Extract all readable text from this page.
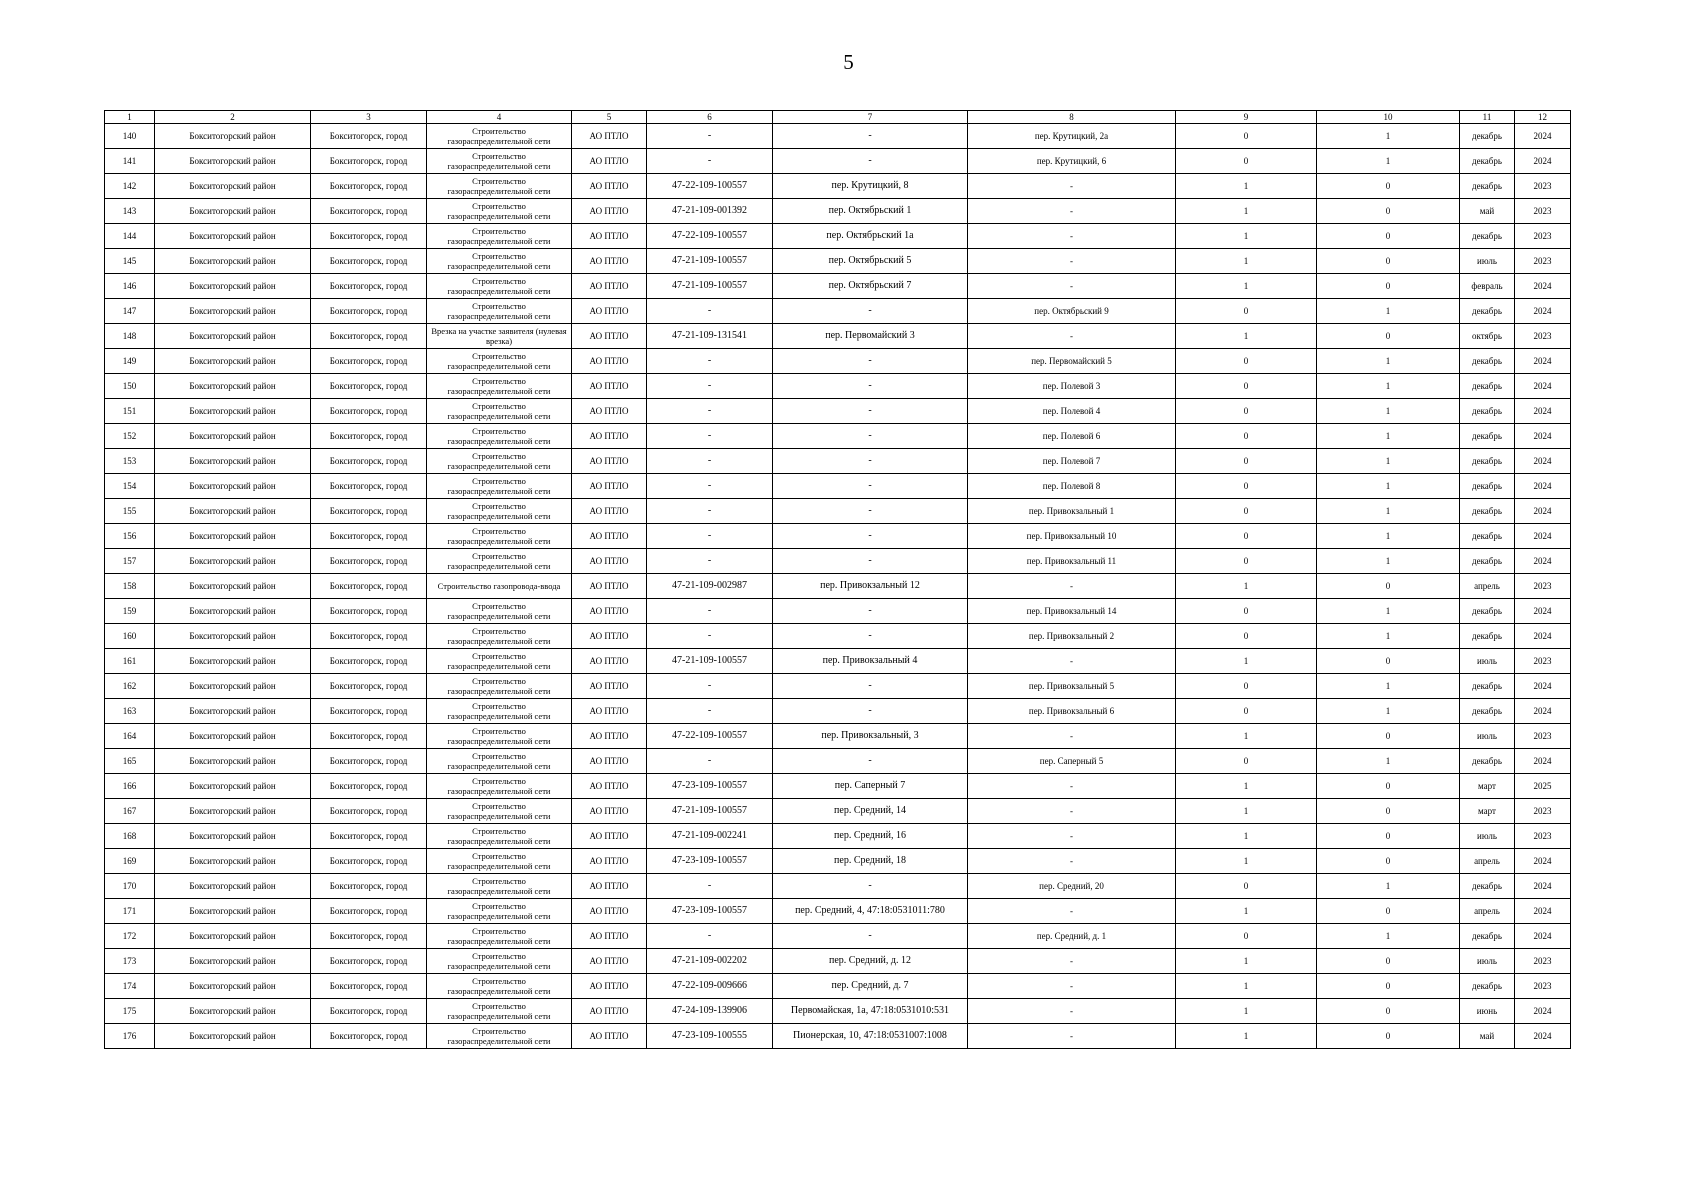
5
1	2	3	4	5	6	7	8	9	10	11	12
140	Бокситогорский район	Бокситогорск, город	Строительство газораспределительной сети	АО ПТЛО	-	-	пер. Крутицкий, 2а	0	1	декабрь	2024
141	Бокситогорский район	Бокситогорск, город	Строительство газораспределительной сети	АО ПТЛО	-	-	пер. Крутицкий, 6	0	1	декабрь	2024
142	Бокситогорский район	Бокситогорск, город	Строительство газораспределительной сети	АО ПТЛО	47-22-109-100557	пер. Крутицкий, 8	-	1	0	декабрь	2023
143	Бокситогорский район	Бокситогорск, город	Строительство газораспределительной сети	АО ПТЛО	47-21-109-001392	пер. Октябрьский 1	-	1	0	май	2023
144	Бокситогорский район	Бокситогорск, город	Строительство газораспределительной сети	АО ПТЛО	47-22-109-100557	пер. Октябрьский 1а	-	1	0	декабрь	2023
145	Бокситогорский район	Бокситогорск, город	Строительство газораспределительной сети	АО ПТЛО	47-21-109-100557	пер. Октябрьский 5	-	1	0	июль	2023
146	Бокситогорский район	Бокситогорск, город	Строительство газораспределительной сети	АО ПТЛО	47-21-109-100557	пер. Октябрьский 7	-	1	0	февраль	2024
147	Бокситогорский район	Бокситогорск, город	Строительство газораспределительной сети	АО ПТЛО	-	-	пер. Октябрьский 9	0	1	декабрь	2024
148	Бокситогорский район	Бокситогорск, город	Врезка на участке заявителя (нулевая врезка)	АО ПТЛО	47-21-109-131541	пер. Первомайский 3	-	1	0	октябрь	2023
149	Бокситогорский район	Бокситогорск, город	Строительство газораспределительной сети	АО ПТЛО	-	-	пер. Первомайский 5	0	1	декабрь	2024
150	Бокситогорский район	Бокситогорск, город	Строительство газораспределительной сети	АО ПТЛО	-	-	пер. Полевой 3	0	1	декабрь	2024
151	Бокситогорский район	Бокситогорск, город	Строительство газораспределительной сети	АО ПТЛО	-	-	пер. Полевой 4	0	1	декабрь	2024
152	Бокситогорский район	Бокситогорск, город	Строительство газораспределительной сети	АО ПТЛО	-	-	пер. Полевой 6	0	1	декабрь	2024
153	Бокситогорский район	Бокситогорск, город	Строительство газораспределительной сети	АО ПТЛО	-	-	пер. Полевой 7	0	1	декабрь	2024
154	Бокситогорский район	Бокситогорск, город	Строительство газораспределительной сети	АО ПТЛО	-	-	пер. Полевой 8	0	1	декабрь	2024
155	Бокситогорский район	Бокситогорск, город	Строительство газораспределительной сети	АО ПТЛО	-	-	пер. Привокзальный 1	0	1	декабрь	2024
156	Бокситогорский район	Бокситогорск, город	Строительство газораспределительной сети	АО ПТЛО	-	-	пер. Привокзальный 10	0	1	декабрь	2024
157	Бокситогорский район	Бокситогорск, город	Строительство газораспределительной сети	АО ПТЛО	-	-	пер. Привокзальный 11	0	1	декабрь	2024
158	Бокситогорский район	Бокситогорск, город	Строительство газопровода-ввода	АО ПТЛО	47-21-109-002987	пер. Привокзальный 12	-	1	0	апрель	2023
159	Бокситогорский район	Бокситогорск, город	Строительство газораспределительной сети	АО ПТЛО	-	-	пер. Привокзальный 14	0	1	декабрь	2024
160	Бокситогорский район	Бокситогорск, город	Строительство газораспределительной сети	АО ПТЛО	-	-	пер. Привокзальный 2	0	1	декабрь	2024
161	Бокситогорский район	Бокситогорск, город	Строительство газораспределительной сети	АО ПТЛО	47-21-109-100557	пер. Привокзальный 4	-	1	0	июль	2023
162	Бокситогорский район	Бокситогорск, город	Строительство газораспределительной сети	АО ПТЛО	-	-	пер. Привокзальный 5	0	1	декабрь	2024
163	Бокситогорский район	Бокситогорск, город	Строительство газораспределительной сети	АО ПТЛО	-	-	пер. Привокзальный 6	0	1	декабрь	2024
164	Бокситогорский район	Бокситогорск, город	Строительство газораспределительной сети	АО ПТЛО	47-22-109-100557	пер. Привокзальный, 3	-	1	0	июль	2023
165	Бокситогорский район	Бокситогорск, город	Строительство газораспределительной сети	АО ПТЛО	-	-	пер. Саперный 5	0	1	декабрь	2024
166	Бокситогорский район	Бокситогорск, город	Строительство газораспределительной сети	АО ПТЛО	47-23-109-100557	пер. Саперный 7	-	1	0	март	2025
167	Бокситогорский район	Бокситогорск, город	Строительство газораспределительной сети	АО ПТЛО	47-21-109-100557	пер. Средний, 14	-	1	0	март	2023
168	Бокситогорский район	Бокситогорск, город	Строительство газораспределительной сети	АО ПТЛО	47-21-109-002241	пер. Средний, 16	-	1	0	июль	2023
169	Бокситогорский район	Бокситогорск, город	Строительство газораспределительной сети	АО ПТЛО	47-23-109-100557	пер. Средний, 18	-	1	0	апрель	2024
170	Бокситогорский район	Бокситогорск, город	Строительство газораспределительной сети	АО ПТЛО	-	-	пер. Средний, 20	0	1	декабрь	2024
171	Бокситогорский район	Бокситогорск, город	Строительство газораспределительной сети	АО ПТЛО	47-23-109-100557	пер. Средний, 4, 47:18:0531011:780	-	1	0	апрель	2024
172	Бокситогорский район	Бокситогорск, город	Строительство газораспределительной сети	АО ПТЛО	-	-	пер. Средний, д. 1	0	1	декабрь	2024
173	Бокситогорский район	Бокситогорск, город	Строительство газораспределительной сети	АО ПТЛО	47-21-109-002202	пер. Средний, д. 12	-	1	0	июль	2023
174	Бокситогорский район	Бокситогорск, город	Строительство газораспределительной сети	АО ПТЛО	47-22-109-009666	пер. Средний, д. 7	-	1	0	декабрь	2023
175	Бокситогорский район	Бокситогорск, город	Строительство газораспределительной сети	АО ПТЛО	47-24-109-139906	Первомайская, 1а, 47:18:0531010:531	-	1	0	июнь	2024
176	Бокситогорский район	Бокситогорск, город	Строительство газораспределительной сети	АО ПТЛО	47-23-109-100555	Пионерская, 10, 47:18:0531007:1008	-	1	0	май	2024
